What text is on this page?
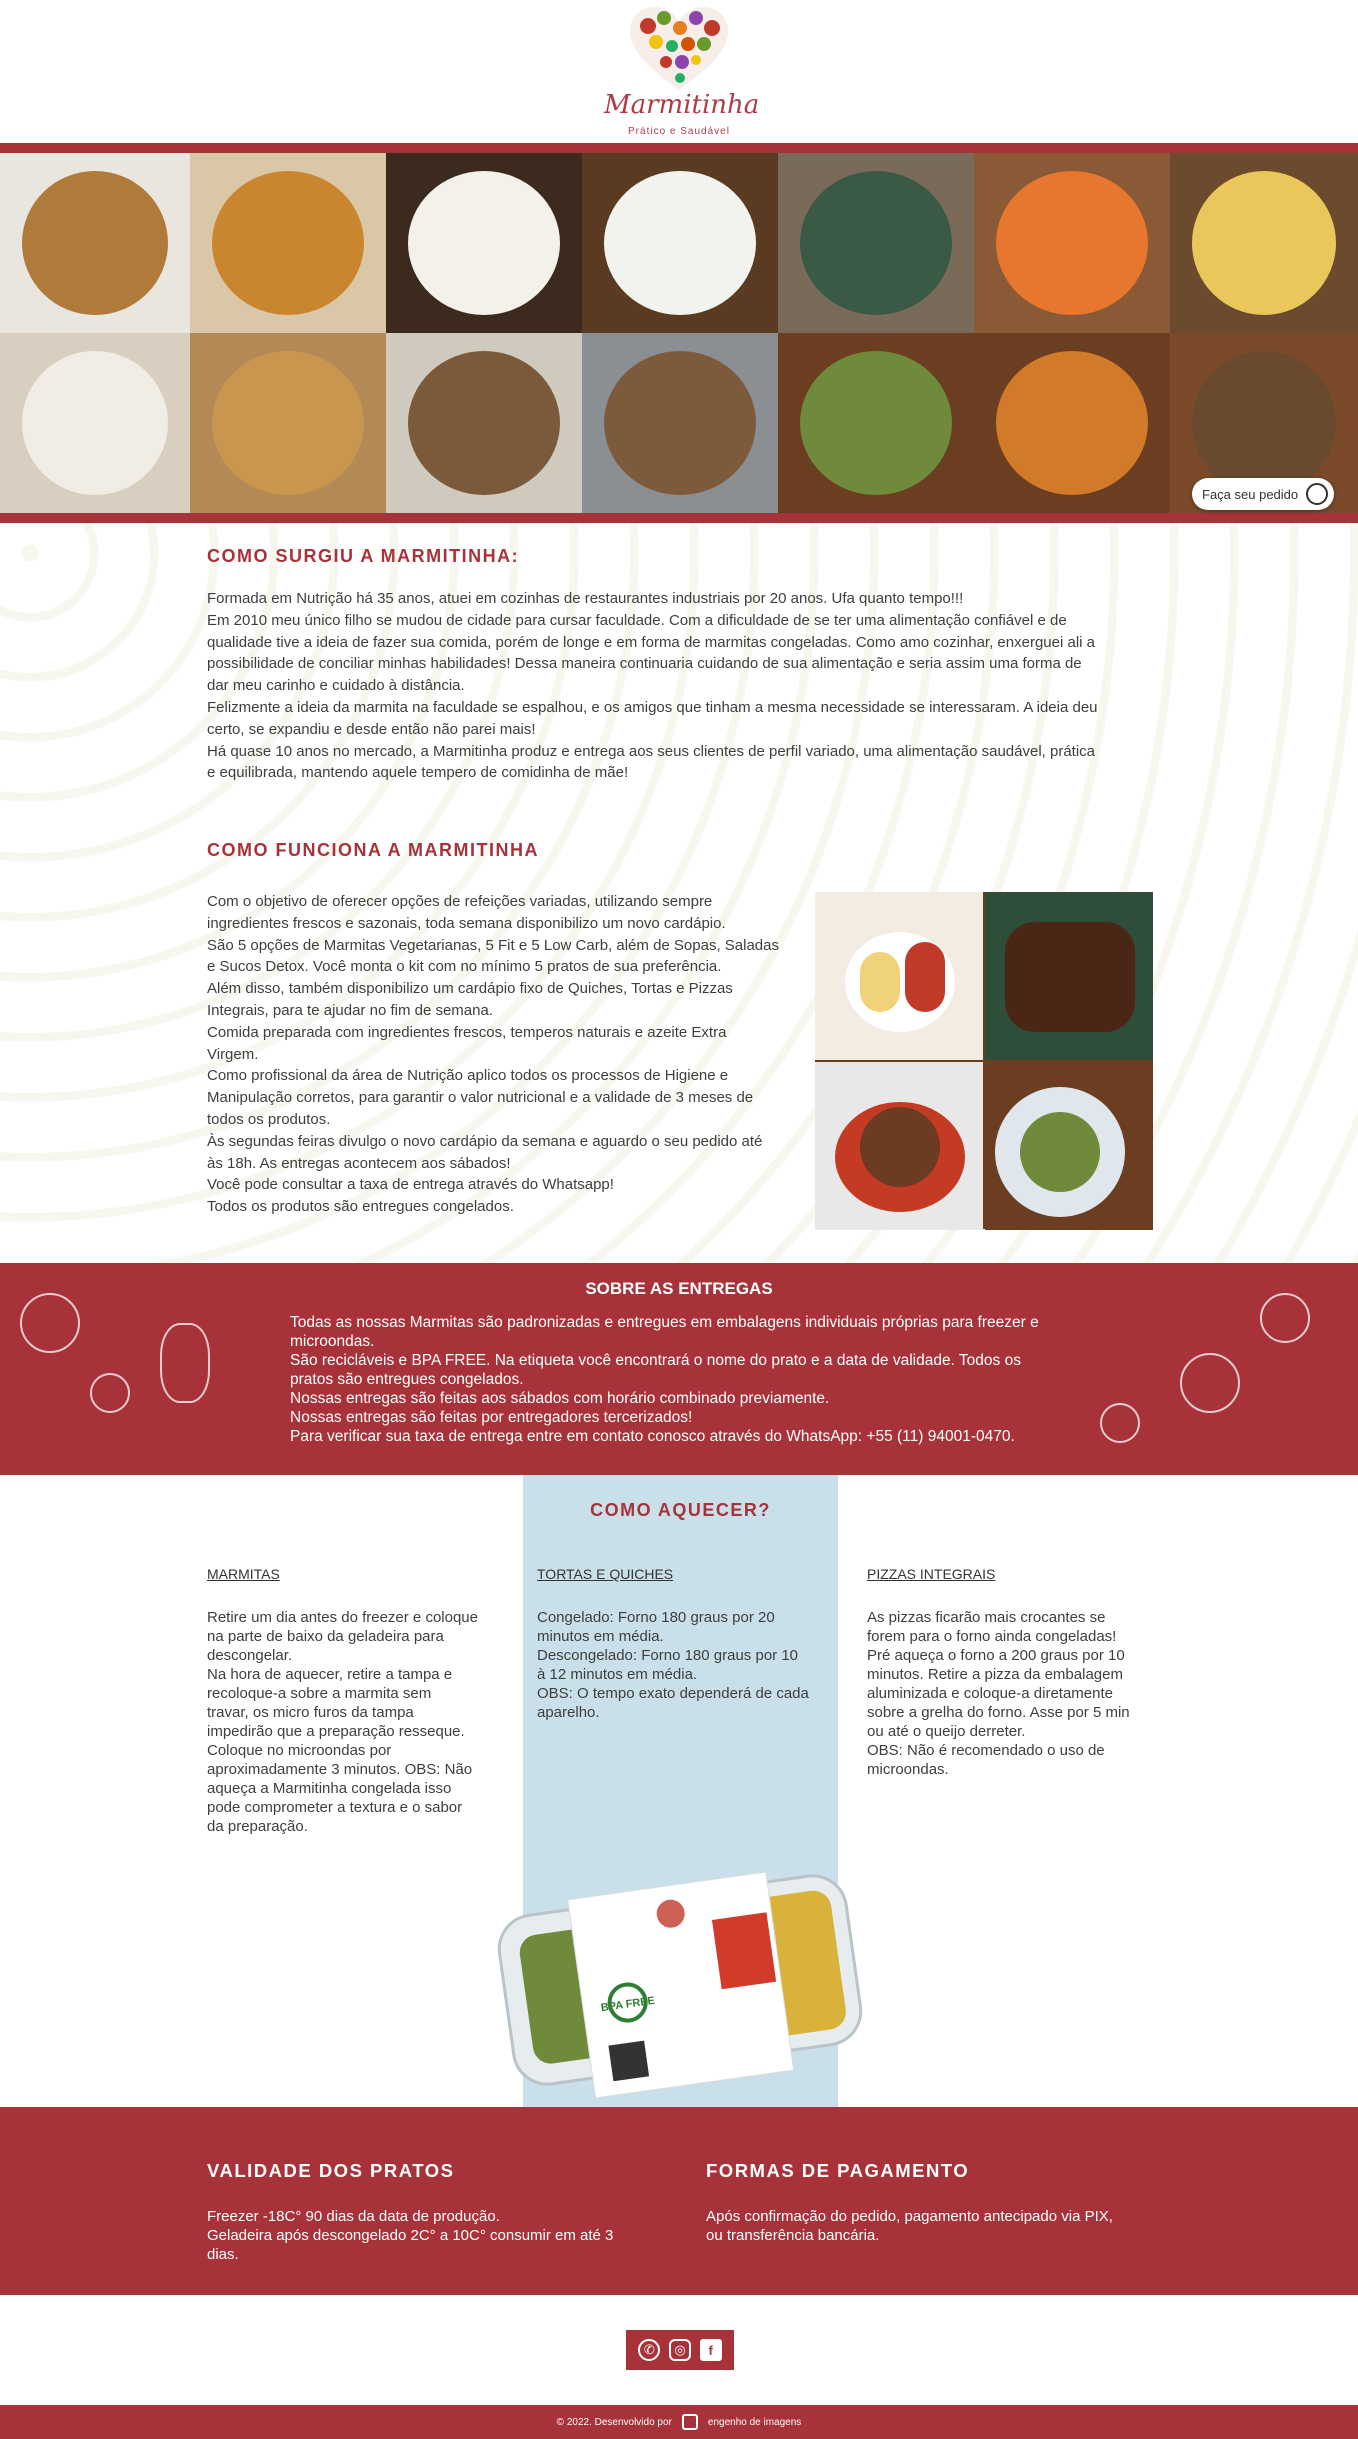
Marmitinha
Prático e Saudável
Faça seu pedido
COMO SURGIU A MARMITINHA:
Formada em Nutrição há 35 anos, atuei em cozinhas de restaurantes industriais por 20 anos. Ufa quanto tempo!!!
Em 2010 meu único filho se mudou de cidade para cursar faculdade. Com a dificuldade de se ter uma alimentação confiável e de
qualidade tive a ideia de fazer sua comida, porém de longe e em forma de marmitas congeladas. Como amo cozinhar, enxerguei ali a
possibilidade de conciliar minhas habilidades! Dessa maneira continuaria cuidando de sua alimentação e seria assim uma forma de
dar meu carinho e cuidado à distância.
Felizmente a ideia da marmita na faculdade se espalhou, e os amigos que tinham a mesma necessidade se interessaram. A ideia deu
certo, se expandiu e desde então não parei mais!
Há quase 10 anos no mercado, a Marmitinha produz e entrega aos seus clientes de perfil variado, uma alimentação saudável, prática
e equilibrada, mantendo aquele tempero de comidinha de mãe!
COMO FUNCIONA A MARMITINHA
Com o objetivo de oferecer opções de refeições variadas, utilizando sempre
ingredientes frescos e sazonais, toda semana disponibilizo um novo cardápio.
São 5 opções de Marmitas Vegetarianas, 5 Fit e 5 Low Carb, além de Sopas, Saladas
e Sucos Detox. Você monta o kit com no mínimo 5 pratos de sua preferência.
Além disso, também disponibilizo um cardápio fixo de Quiches, Tortas e Pizzas
Integrais, para te ajudar no fim de semana.
Comida preparada com ingredientes frescos, temperos naturais e azeite Extra
Virgem.
Como profissional da área de Nutrição aplico todos os processos de Higiene e
Manipulação corretos, para garantir o valor nutricional e a validade de 3 meses de
todos os produtos.
Às segundas feiras divulgo o novo cardápio da semana e aguardo o seu pedido até
às 18h. As entregas acontecem aos sábados!
Você pode consultar a taxa de entrega através do Whatsapp!
Todos os produtos são entregues congelados.
SOBRE AS ENTREGAS
Todas as nossas Marmitas são padronizadas e entregues em embalagens individuais próprias para freezer e
microondas.
São recicláveis e BPA FREE. Na etiqueta você encontrará o nome do prato e a data de validade. Todos os
pratos são entregues congelados.
Nossas entregas são feitas aos sábados com horário combinado previamente.
Nossas entregas são feitas por entregadores tercerizados!
Para verificar sua taxa de entrega entre em contato conosco através do WhatsApp: +55 (11) 94001-0470.
COMO AQUECER?
MARMITAS
Retire um dia antes do freezer e coloque
na parte de baixo da geladeira para
descongelar.
Na hora de aquecer, retire a tampa e
recoloque-a sobre a marmita sem
travar, os micro furos da tampa
impedirão que a preparação resseque.
Coloque no microondas por
aproximadamente 3 minutos. OBS: Não
aqueça a Marmitinha congelada isso
pode comprometer a textura e o sabor
da preparação.
TORTAS E QUICHES
Congelado: Forno 180 graus por 20
minutos em média.
Descongelado: Forno 180 graus por 10
à 12 minutos em média.
OBS: O tempo exato dependerá de cada
aparelho.
PIZZAS INTEGRAIS
As pizzas ficarão mais crocantes se
forem para o forno ainda congeladas!
Pré aqueça o forno a 200 graus por 10
minutos. Retire a pizza da embalagem
aluminizada e coloque-a diretamente
sobre a grelha do forno. Asse por 5 min
ou até o queijo derreter.
OBS: Não é recomendado o uso de
microondas.
BPA FREE
VALIDADE DOS PRATOS
Freezer -18C° 90 dias da data de produção.
Geladeira após descongelado 2C° a 10C° consumir em até 3
dias.
FORMAS DE PAGAMENTO
Após confirmação do pedido, pagamento antecipado via PIX,
ou transferência bancária.
✆	◎	f
© 2022. Desenvolvido por	engenho de imagens
